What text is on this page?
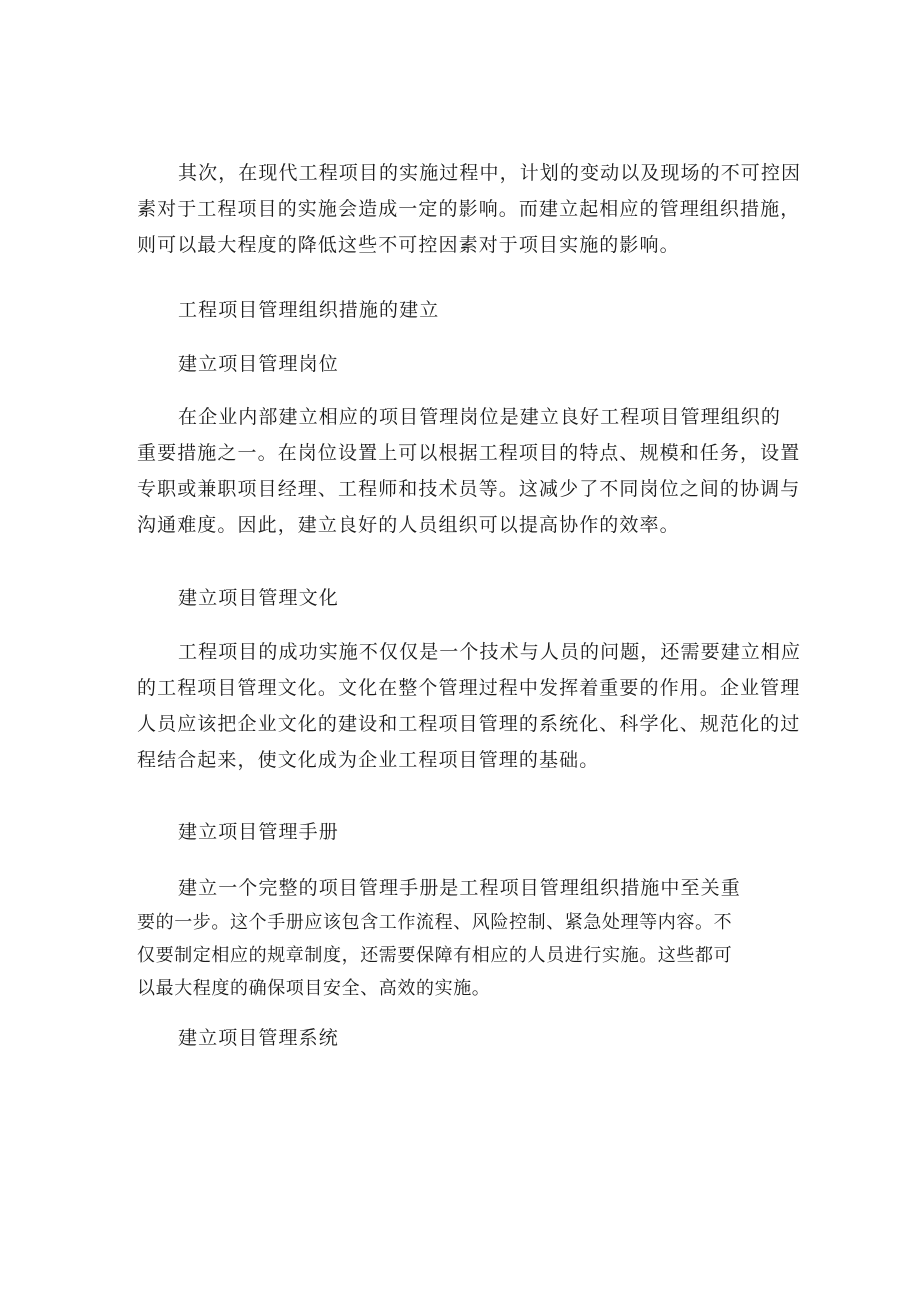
其次，在现代工程项目的实施过程中，计划的变动以及现场的不可控因
素对于工程项目的实施会造成一定的影响。而建立起相应的管理组织措施，
则可以最大程度的降低这些不可控因素对于项目实施的影响。
工程项目管理组织措施的建立
建立项目管理岗位
在企业内部建立相应的项目管理岗位是建立良好工程项目管理组织的
重要措施之一。在岗位设置上可以根据工程项目的特点、规模和任务，设置
专职或兼职项目经理、工程师和技术员等。这减少了不同岗位之间的协调与
沟通难度。因此，建立良好的人员组织可以提高协作的效率。
建立项目管理文化
工程项目的成功实施不仅仅是一个技术与人员的问题，还需要建立相应
的工程项目管理文化。文化在整个管理过程中发挥着重要的作用。企业管理
人员应该把企业文化的建设和工程项目管理的系统化、科学化、规范化的过
程结合起来，使文化成为企业工程项目管理的基础。
建立项目管理手册
建立一个完整的项目管理手册是工程项目管理组织措施中至关重
要的一步。这个手册应该包含工作流程、风险控制、紧急处理等内容。不
仅要制定相应的规章制度，还需要保障有相应的人员进行实施。这些都可
以最大程度的确保项目安全、高效的实施。
建立项目管理系统
